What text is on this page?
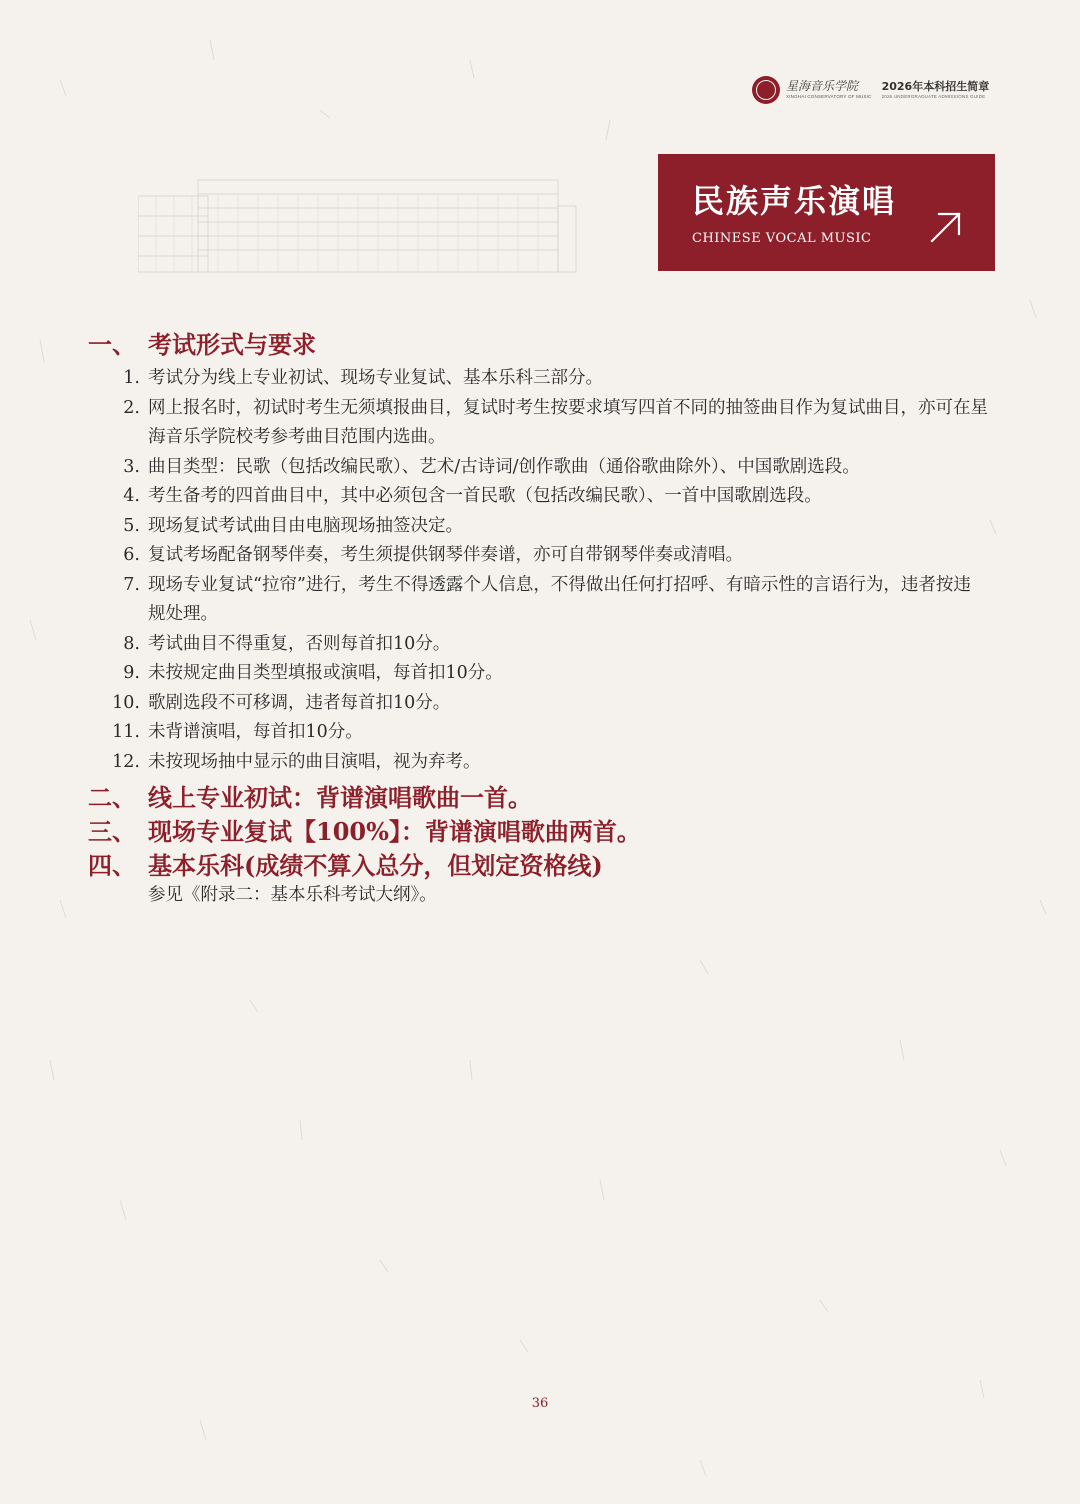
星海音乐学院
XINGHAI CONSERVATORY OF MUSIC
2026年本科招生简章
2026 UNDERGRADUATE ADMISSIONS GUIDE
民族声乐演唱
CHINESE VOCAL MUSIC
一、 考试形式与要求
1. 考试分为线上专业初试、现场专业复试、基本乐科三部分。
2. 网上报名时，初试时考生无须填报曲目，复试时考生按要求填写四首不同的抽签曲目作为复试曲目，亦可在星海音乐学院校考参考曲目范围内选曲。
3. 曲目类型：民歌（包括改编民歌）、艺术/古诗词/创作歌曲（通俗歌曲除外）、中国歌剧选段。
4. 考生备考的四首曲目中，其中必须包含一首民歌（包括改编民歌）、一首中国歌剧选段。
5. 现场复试考试曲目由电脑现场抽签决定。
6. 复试考场配备钢琴伴奏，考生须提供钢琴伴奏谱，亦可自带钢琴伴奏或清唱。
7. 现场专业复试“拉帘”进行，考生不得透露个人信息，不得做出任何打招呼、有暗示性的言语行为，违者按违规处理。
8. 考试曲目不得重复，否则每首扣10分。
9. 未按规定曲目类型填报或演唱，每首扣10分。
10. 歌剧选段不可移调，违者每首扣10分。
11. 未背谱演唱，每首扣10分。
12. 未按现场抽中显示的曲目演唱，视为弃考。
二、 线上专业初试：背谱演唱歌曲一首。
三、 现场专业复试【100%】：背谱演唱歌曲两首。
四、 基本乐科(成绩不算入总分，但划定资格线)
参见《附录二：基本乐科考试大纲》。
36
